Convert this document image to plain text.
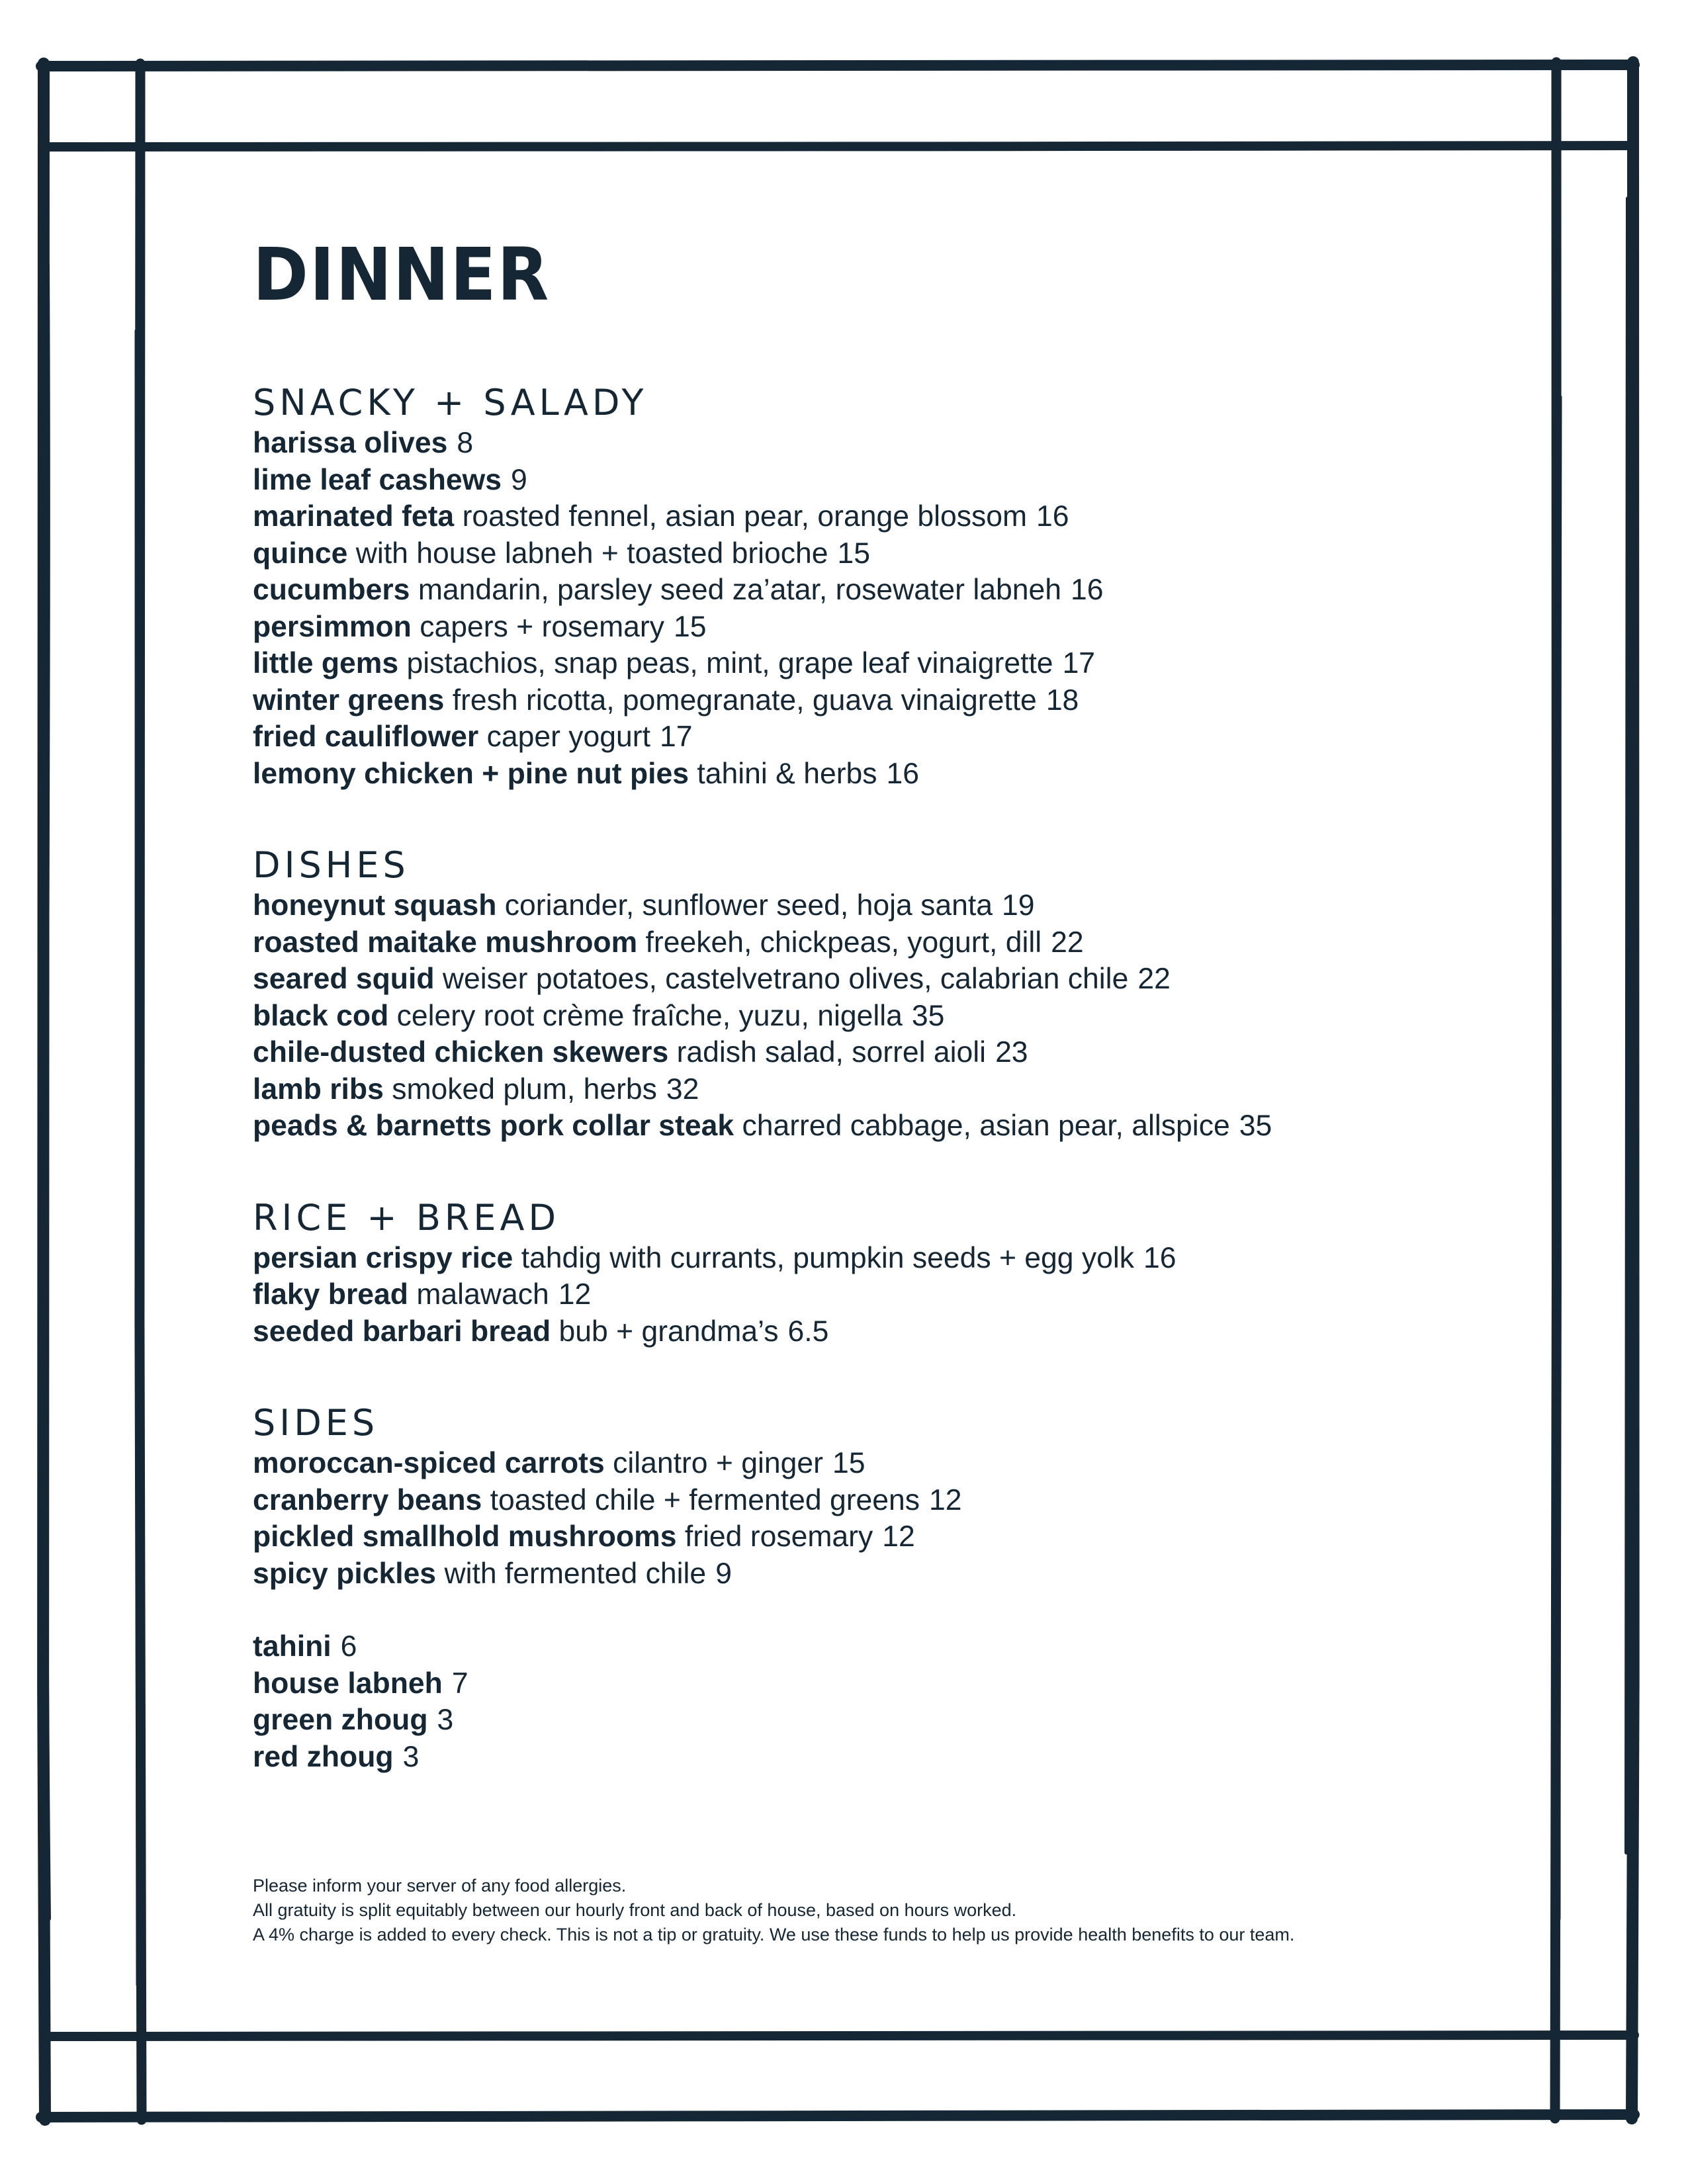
DINNER
SNACKY + SALADY
harissa olives 8
lime leaf cashews 9
marinated feta roasted fennel, asian pear, orange blossom 16
quince with house labneh + toasted brioche 15
cucumbers mandarin, parsley seed za’atar, rosewater labneh 16
persimmon capers + rosemary 15
little gems pistachios, snap peas, mint, grape leaf vinaigrette 17
winter greens fresh ricotta, pomegranate, guava vinaigrette 18
fried cauliflower caper yogurt 17
lemony chicken + pine nut pies tahini & herbs 16
DISHES
honeynut squash coriander, sunflower seed, hoja santa 19
roasted maitake mushroom freekeh, chickpeas, yogurt, dill 22
seared squid weiser potatoes, castelvetrano olives, calabrian chile 22
black cod celery root crème fraîche, yuzu, nigella 35
chile-dusted chicken skewers radish salad, sorrel aioli 23
lamb ribs smoked plum, herbs 32
peads & barnetts pork collar steak charred cabbage, asian pear, allspice 35
RICE + BREAD
persian crispy rice tahdig with currants, pumpkin seeds + egg yolk 16
flaky bread malawach 12
seeded barbari bread bub + grandma’s 6.5
SIDES
moroccan-spiced carrots cilantro + ginger 15
cranberry beans toasted chile + fermented greens 12
pickled smallhold mushrooms fried rosemary 12
spicy pickles with fermented chile 9
tahini 6
house labneh 7
green zhoug 3
red zhoug 3
Please inform your server of any food allergies.
All gratuity is split equitably between our hourly front and back of house, based on hours worked.
A 4% charge is added to every check. This is not a tip or gratuity. We use these funds to help us provide health benefits to our team.
